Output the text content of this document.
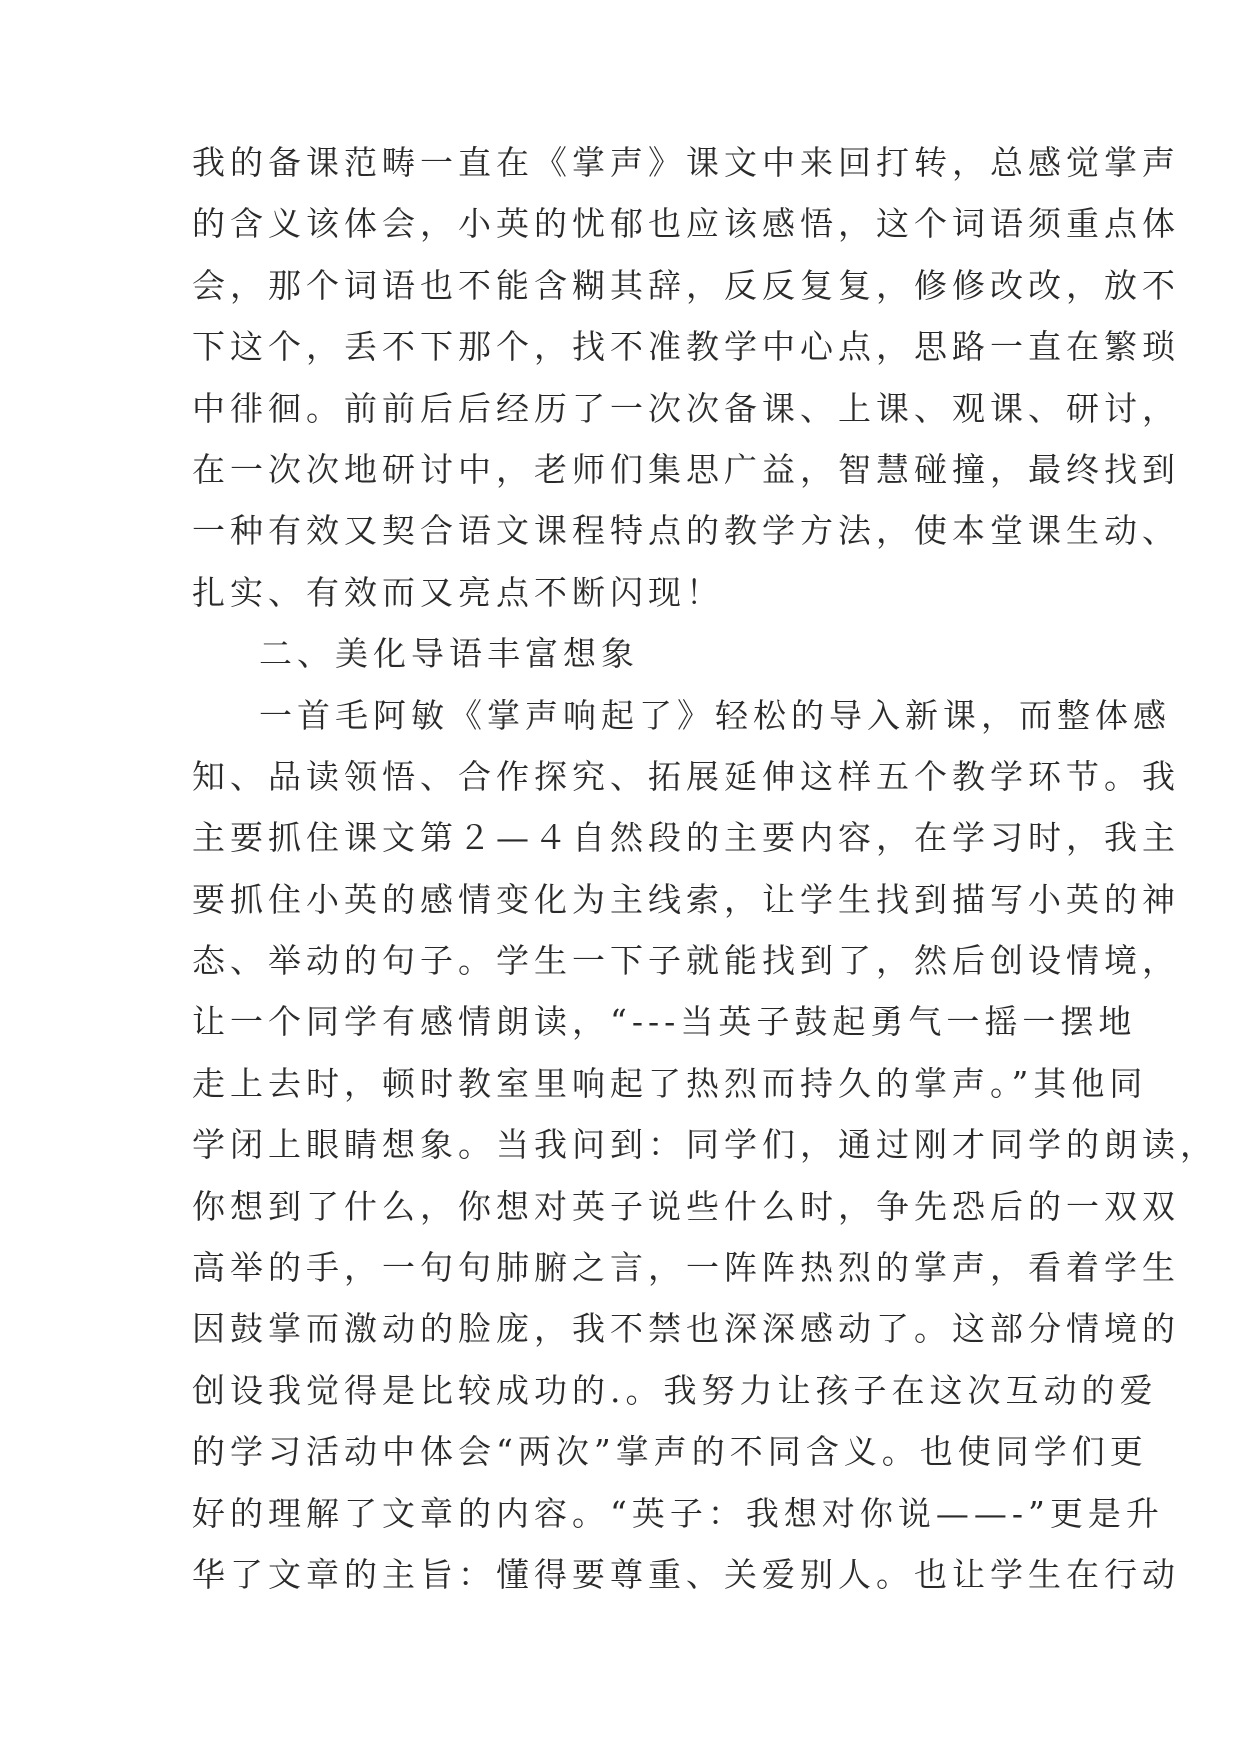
我的备课范畴一直在《掌声》课文中来回打转，总感觉掌声
的含义该体会，小英的忧郁也应该感悟，这个词语须重点体
会，那个词语也不能含糊其辞，反反复复，修修改改，放不
下这个，丢不下那个，找不准教学中心点，思路一直在繁琐
中徘徊。前前后后经历了一次次备课、上课、观课、研讨，
在一次次地研讨中，老师们集思广益，智慧碰撞，最终找到
一种有效又契合语文课程特点的教学方法，使本堂课生动、
扎实、有效而又亮点不断闪现！
二、美化导语丰富想象
一首毛阿敏《掌声响起了》轻松的导入新课，而整体感
知、品读领悟、合作探究、拓展延伸这样五个教学环节。我
主要抓住课文第２—４自然段的主要内容，在学习时，我主
要抓住小英的感情变化为主线索，让学生找到描写小英的神
态、举动的句子。学生一下子就能找到了，然后创设情境，
让一个同学有感情朗读，“---当英子鼓起勇气一摇一摆地
走上去时，顿时教室里响起了热烈而持久的掌声。”其他同
学闭上眼睛想象。当我问到：同学们，通过刚才同学的朗读，
你想到了什么，你想对英子说些什么时，争先恐后的一双双
高举的手，一句句肺腑之言，一阵阵热烈的掌声，看着学生
因鼓掌而激动的脸庞，我不禁也深深感动了。这部分情境的
创设我觉得是比较成功的.。我努力让孩子在这次互动的爱
的学习活动中体会“两次”掌声的不同含义。也使同学们更
好的理解了文章的内容。“英子：我想对你说——-”更是升
华了文章的主旨：懂得要尊重、关爱别人。也让学生在行动
